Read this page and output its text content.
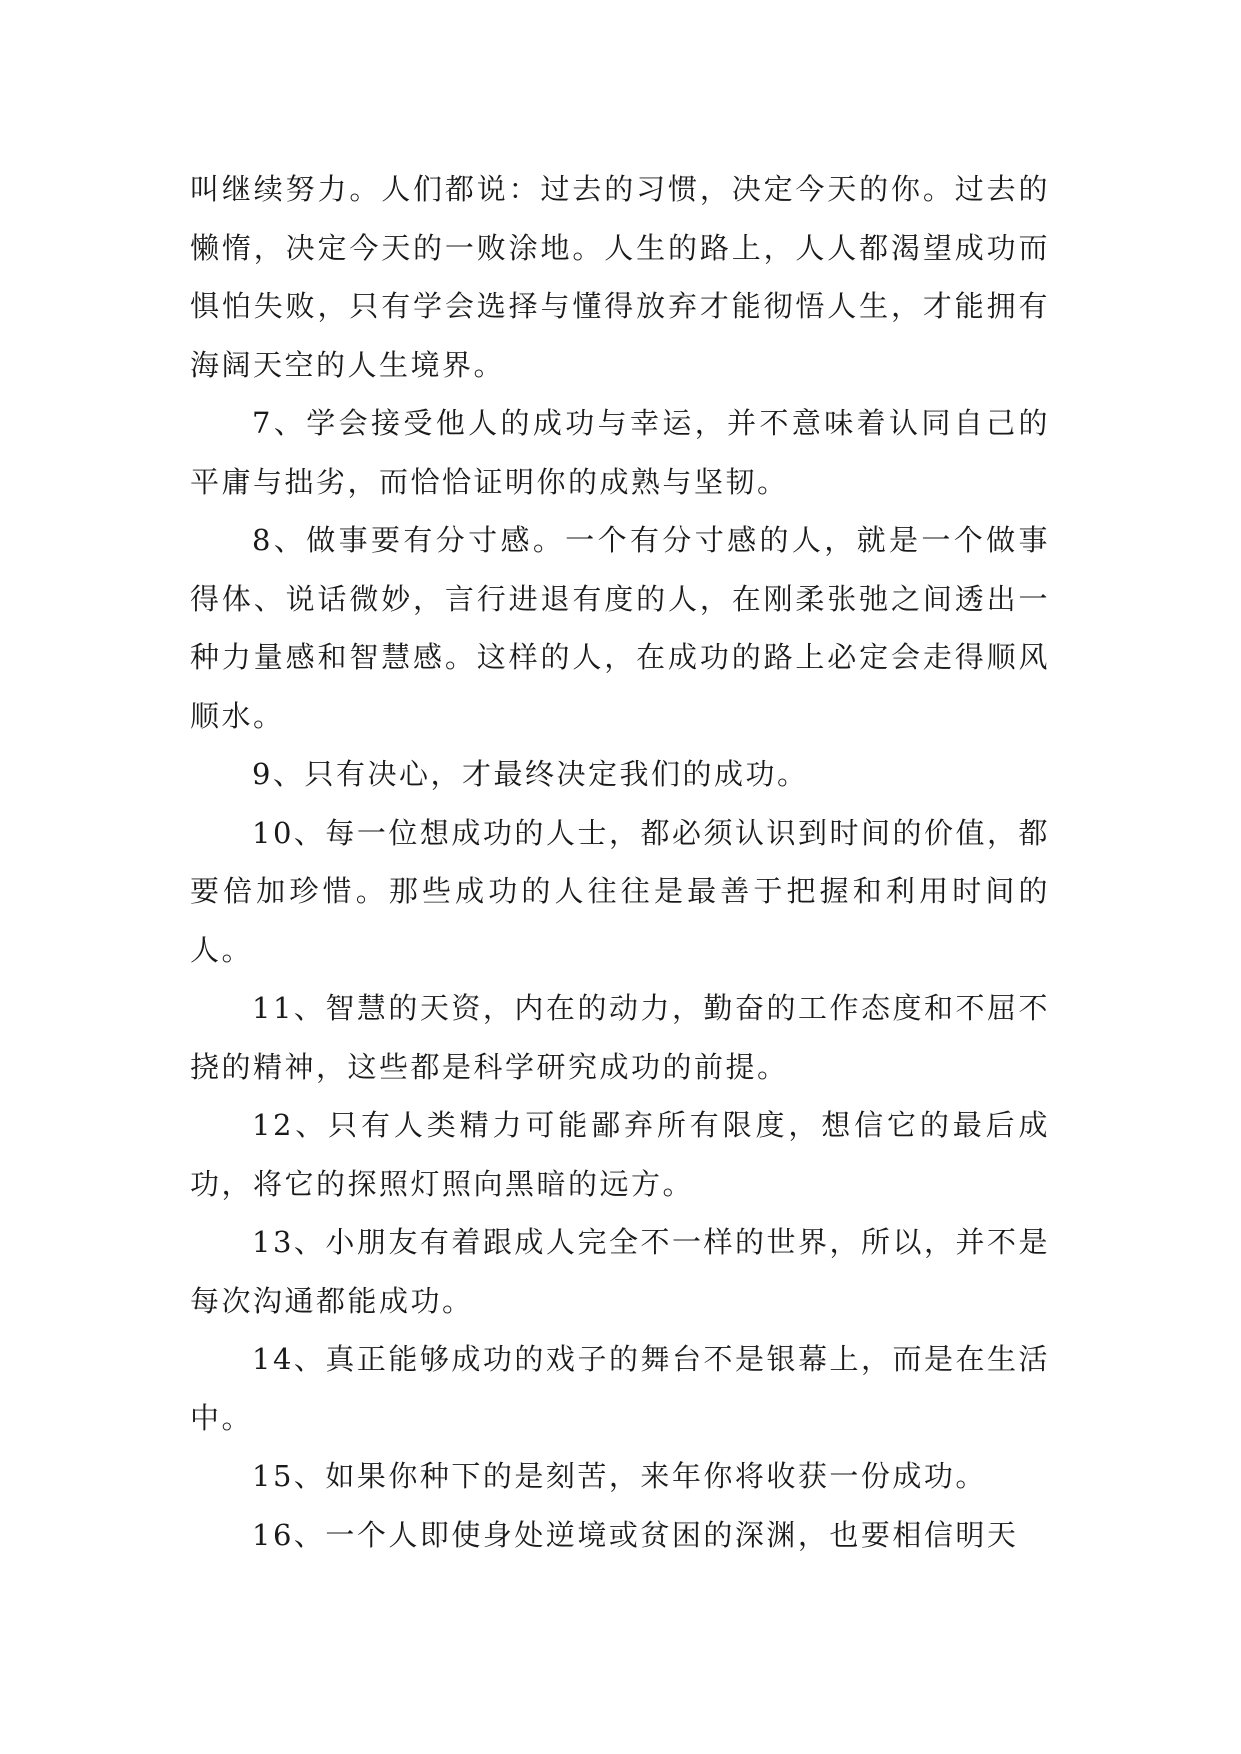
叫继续努力。人们都说：过去的习惯，决定今天的你。过去的懒惰，决定今天的一败涂地。人生的路上，人人都渴望成功而惧怕失败，只有学会选择与懂得放弃才能彻悟人生，才能拥有海阔天空的人生境界。

7、学会接受他人的成功与幸运，并不意味着认同自己的平庸与拙劣，而恰恰证明你的成熟与坚韧。

8、做事要有分寸感。一个有分寸感的人，就是一个做事得体、说话微妙，言行进退有度的人，在刚柔张弛之间透出一种力量感和智慧感。这样的人，在成功的路上必定会走得顺风顺水。

9、只有决心，才最终决定我们的成功。

10、每一位想成功的人士，都必须认识到时间的价值，都要倍加珍惜。那些成功的人往往是最善于把握和利用时间的人。

11、智慧的天资，内在的动力，勤奋的工作态度和不屈不挠的精神，这些都是科学研究成功的前提。

12、只有人类精力可能鄙弃所有限度，想信它的最后成功，将它的探照灯照向黑暗的远方。

13、小朋友有着跟成人完全不一样的世界，所以，并不是每次沟通都能成功。

14、真正能够成功的戏子的舞台不是银幕上，而是在生活中。

15、如果你种下的是刻苦，来年你将收获一份成功。

16、一个人即使身处逆境或贫困的深渊，也要相信明天
